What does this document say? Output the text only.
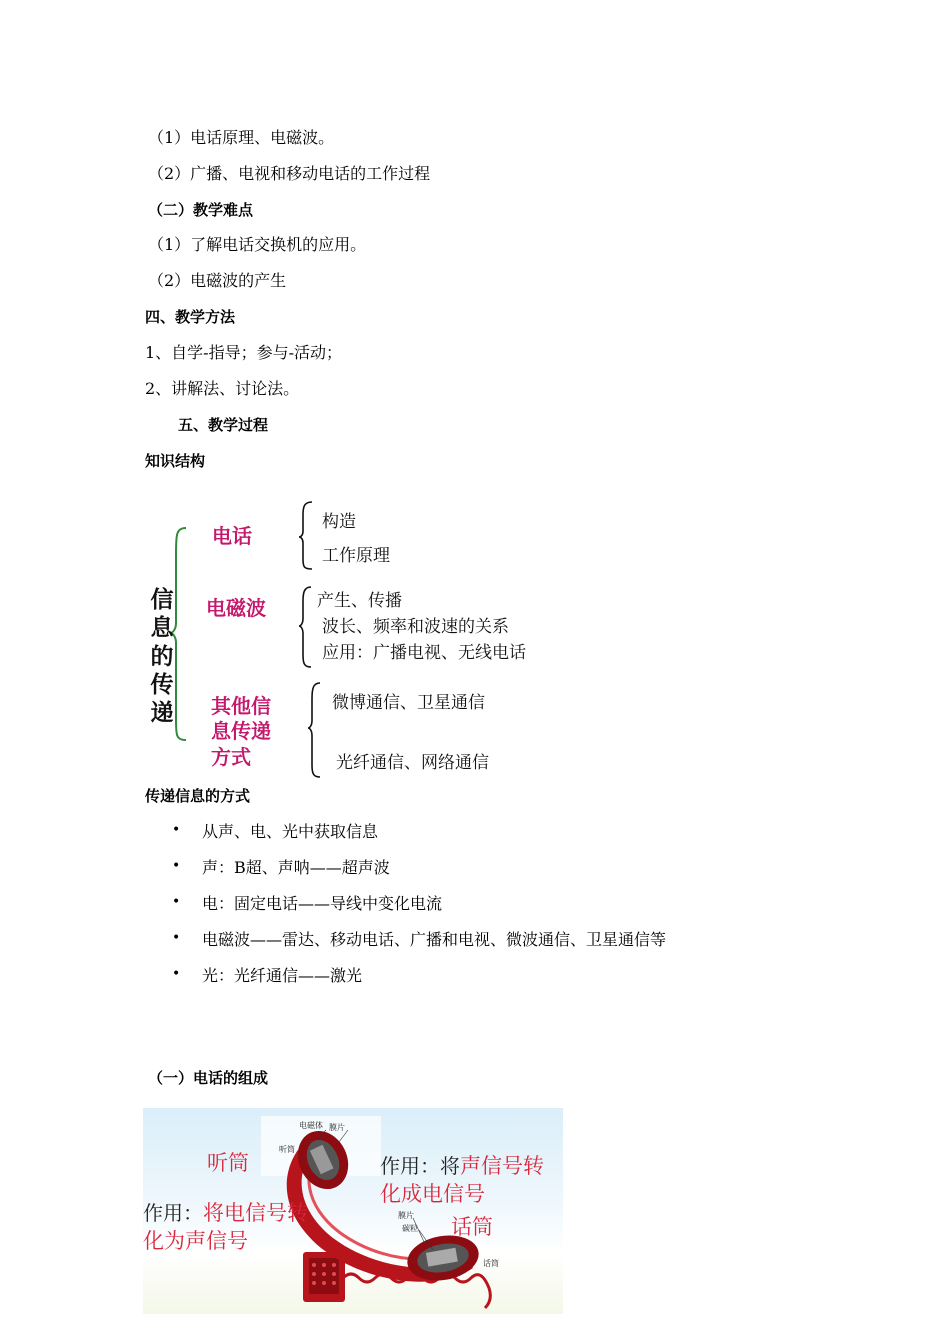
（1）电话原理、电磁波。
（2）广播、电视和移动电话的工作过程
（二）教学难点
（1）了解电话交换机的应用。
（2）电磁波的产生
四、教学方法
1、自学-指导；参与-活动；
2、讲解法、讨论法。
五、教学过程
知识结构
信
息
的
传
递
电话
构造
工作原理
电磁波	产生、传播
波长、频率和波速的关系
应用：广播电视、无线电话
其他信
息传递
方式
微博通信、卫星通信
光纤通信、网络通信
传递信息的方式
• 从声、电、光中获取信息
• 声：B超、声呐——超声波
• 电：固定电话——导线中变化电流
• 电磁波——雷达、移动电话、广播和电视、微波通信、卫星通信等
• 光：光纤通信——激光
（一）电话的组成
听筒
话筒
作用：将电信号转
化为声信号
作用：将声信号转
化成电信号
电磁体 膜片
听筒
膜片
碳粒
话筒
